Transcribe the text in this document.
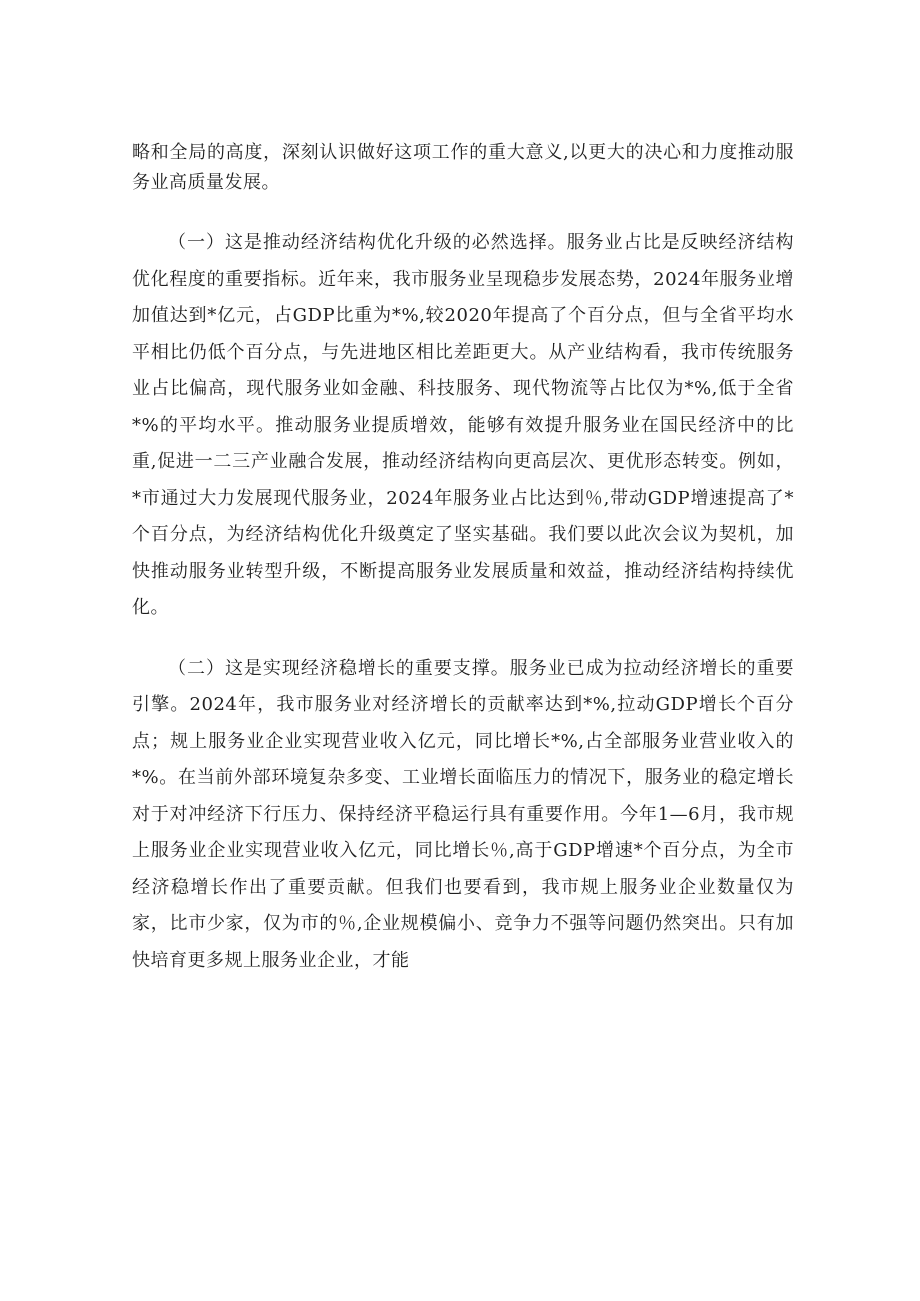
略和全局的高度，深刻认识做好这项工作的重大意义,以更大的决心和力度推动服务业高质量发展。

（一）这是推动经济结构优化升级的必然选择。服务业占比是反映经济结构优化程度的重要指标。近年来，我市服务业呈现稳步发展态势，2024年服务业增加值达到*亿元，占GDP比重为*%,较2020年提高了个百分点，但与全省平均水平相比仍低个百分点，与先进地区相比差距更大。从产业结构看，我市传统服务业占比偏高，现代服务业如金融、科技服务、现代物流等占比仅为*%,低于全省*%的平均水平。推动服务业提质增效，能够有效提升服务业在国民经济中的比重,促进一二三产业融合发展，推动经济结构向更高层次、更优形态转变。例如，*市通过大力发展现代服务业，2024年服务业占比达到％,带动GDP增速提高了*个百分点，为经济结构优化升级奠定了坚实基础。我们要以此次会议为契机，加快推动服务业转型升级，不断提高服务业发展质量和效益，推动经济结构持续优化。

（二）这是实现经济稳增长的重要支撑。服务业已成为拉动经济增长的重要引擎。2024年，我市服务业对经济增长的贡献率达到*%,拉动GDP增长个百分点；规上服务业企业实现营业收入亿元，同比增长*%,占全部服务业营业收入的*%。在当前外部环境复杂多变、工业增长面临压力的情况下，服务业的稳定增长对于对冲经济下行压力、保持经济平稳运行具有重要作用。今年1—6月，我市规上服务业企业实现营业收入亿元，同比增长％,高于GDP增速*个百分点，为全市经济稳增长作出了重要贡献。但我们也要看到，我市规上服务业企业数量仅为家，比市少家，仅为市的％,企业规模偏小、竞争力不强等问题仍然突出。只有加快培育更多规上服务业企业，才能
